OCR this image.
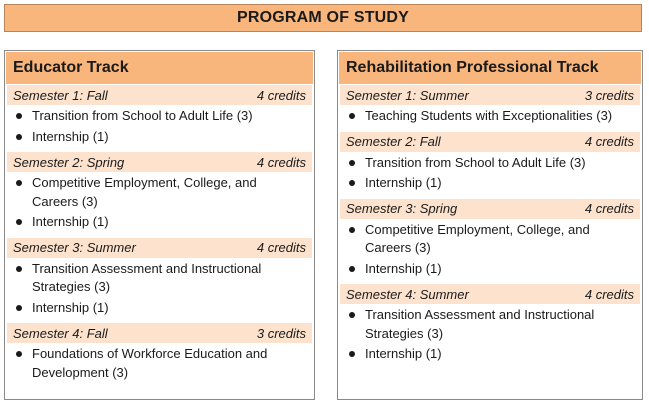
PROGRAM OF STUDY
Educator Track
Semester 1: Fall	4 credits
Transition from School to Adult Life (3)
Internship (1)
Semester 2: Spring	4 credits
Competitive Employment, College, and Careers (3)
Internship (1)
Semester 3: Summer	4 credits
Transition Assessment and Instructional Strategies (3)
Internship (1)
Semester 4: Fall	3 credits
Foundations of Workforce Education and Development (3)
Rehabilitation Professional Track
Semester 1: Summer	3 credits
Teaching Students with Exceptionalities (3)
Semester 2: Fall	4 credits
Transition from School to Adult Life (3)
Internship (1)
Semester 3: Spring	4 credits
Competitive Employment, College, and Careers (3)
Internship (1)
Semester 4: Summer	4 credits
Transition Assessment and Instructional Strategies (3)
Internship (1)
